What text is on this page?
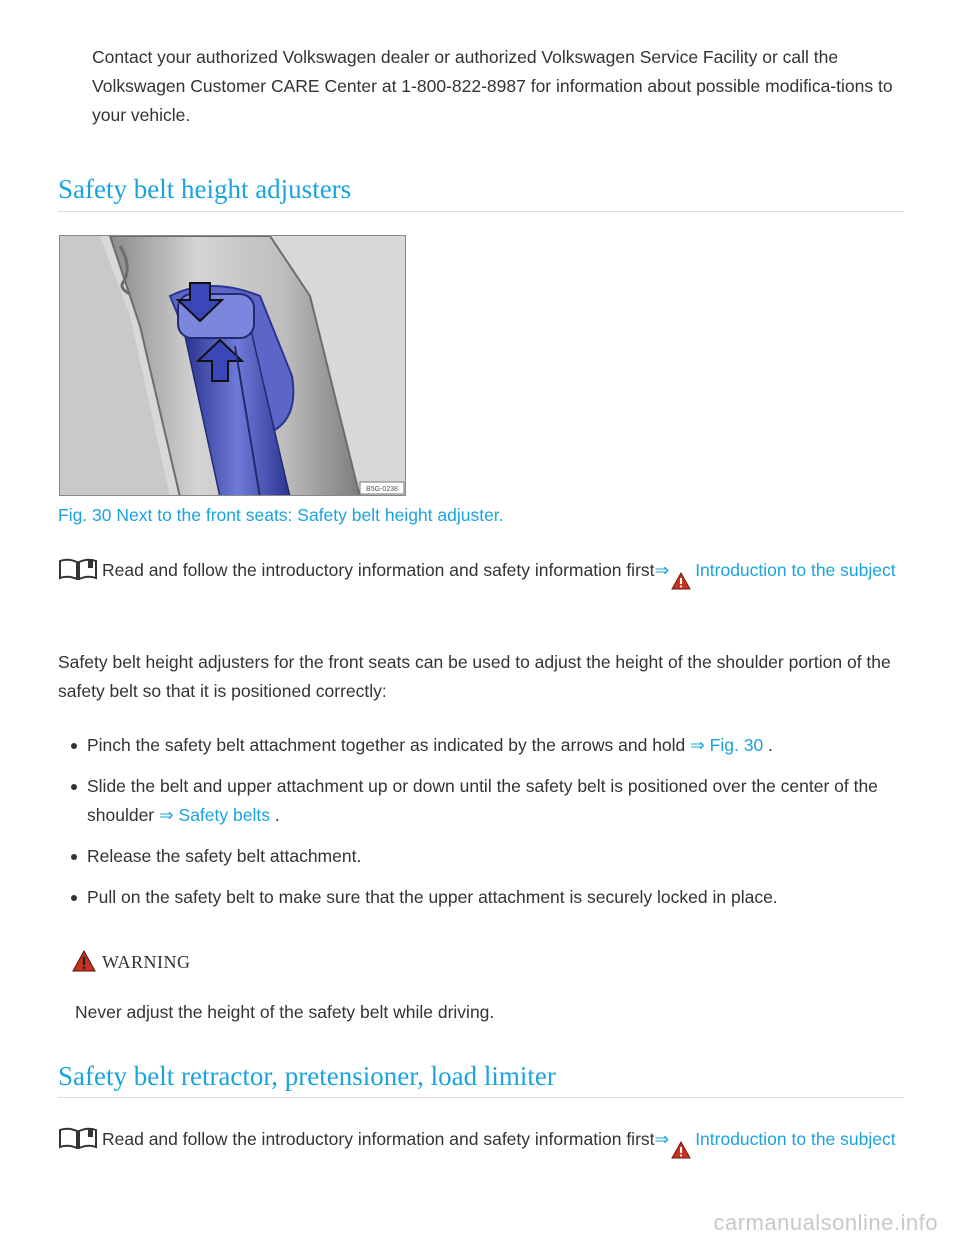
Contact your authorized Volkswagen dealer or authorized Volkswagen Service Facility or call the Volkswagen Customer CARE Center at 1-800-822-8987 for information about possible modifica-tions to your vehicle.
Safety belt height adjusters
B5G-0238
Fig. 30 Next to the front seats: Safety belt height adjuster.
Read and follow the introductory information and safety information first⇒ Introduction to the subject
Safety belt height adjusters for the front seats can be used to adjust the height of the shoulder portion of the safety belt so that it is positioned correctly:
Pinch the safety belt attachment together as indicated by the arrows and hold ⇒ Fig. 30 .
Slide the belt and upper attachment up or down until the safety belt is positioned over the center of the shoulder ⇒ Safety belts .
Release the safety belt attachment.
Pull on the safety belt to make sure that the upper attachment is securely locked in place.
WARNING
Never adjust the height of the safety belt while driving.
Safety belt retractor, pretensioner, load limiter
Read and follow the introductory information and safety information first⇒ Introduction to the subject
carmanualsonline.info
